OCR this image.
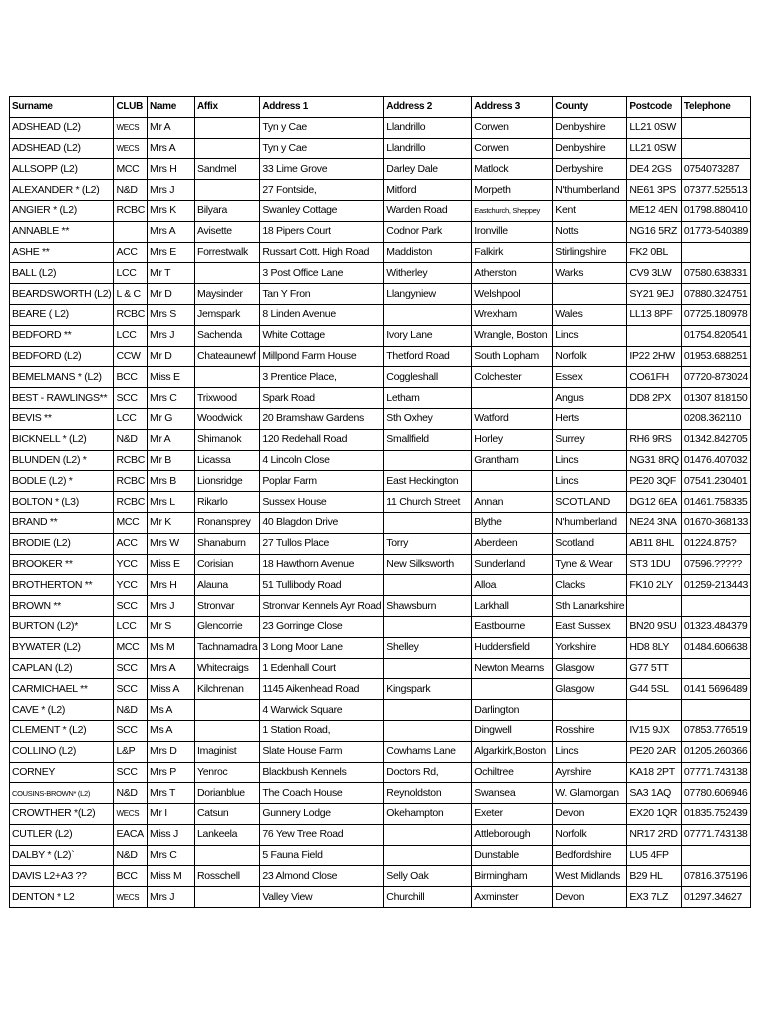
Surname	CLUB	Name	Affix	Address 1	Address 2	Address 3	County	Postcode	Telephone
ADSHEAD (L2)	WECS	Mr A		Tyn y Cae	Llandrillo	Corwen	Denbyshire	LL21 0SW	
ADSHEAD (L2)	WECS	Mrs A		Tyn y Cae	Llandrillo	Corwen	Denbyshire	LL21 0SW	
ALLSOPP (L2)	MCC	Mrs H	Sandmel	33 Lime Grove	Darley Dale	Matlock	Derbyshire	DE4 2GS	0754073287
ALEXANDER * (L2)	N&D	Mrs J		27 Fontside,	Mitford	Morpeth	N'thumberland	NE61 3PS	07377.525513
ANGIER * (L2)	RCBC	Mrs K	Bilyara	Swanley Cottage	Warden Road	Eastchurch, Sheppey	Kent	ME12 4EN	01798.880410
ANNABLE **		Mrs A	Avisette	18 Pipers Court	Codnor Park	Ironville	Notts	NG16 5RZ	01773-540389
ASHE **	ACC	Mrs E	Forrestwalk	Russart Cott. High Road	Maddiston	Falkirk	Stirlingshire	FK2 0BL	
BALL (L2)	LCC	Mr T		3 Post Office Lane	Witherley	Atherston	Warks	CV9 3LW	07580.638331
BEARDSWORTH (L2)	L & C	Mr D	Maysinder	Tan Y Fron	Llangyniew	Welshpool		SY21 9EJ	07880.324751
BEARE ( L2)	RCBC	Mrs S	Jemspark	8 Linden Avenue		Wrexham	Wales	LL13 8PF	07725.180978
BEDFORD **	LCC	Mrs J	Sachenda	White Cottage	Ivory Lane	Wrangle, Boston	Lincs		01754.820541
BEDFORD (L2)	CCW	Mr D	Chateaunewf	Millpond Farm House	Thetford Road	South Lopham	Norfolk	IP22 2HW	01953.688251
BEMELMANS * (L2)	BCC	Miss E		3 Prentice Place,	Coggleshall	Colchester	Essex	CO61FH	07720-873024
BEST - RAWLINGS**	SCC	Mrs C	Trixwood	Spark Road	Letham		Angus	DD8 2PX	01307 818150
BEVIS **	LCC	Mr G	Woodwick	20 Bramshaw Gardens	Sth Oxhey	Watford	Herts		0208.362110
BICKNELL * (L2)	N&D	Mr A	Shimanok	120 Redehall Road	Smallfield	Horley	Surrey	RH6 9RS	01342.842705
BLUNDEN (L2) *	RCBC	Mr B	Licassa	4 Lincoln Close		Grantham	Lincs	NG31 8RQ	01476.407032
BODLE (L2) *	RCBC	Mrs B	Lionsridge	Poplar Farm	East Heckington		Lincs	PE20 3QF	07541.230401
BOLTON * (L3)	RCBC	Mrs L	Rikarlo	Sussex House	11 Church Street	Annan	SCOTLAND	DG12 6EA	01461.758335
BRAND **	MCC	Mr K	Ronansprey	40 Blagdon Drive		Blythe	N'humberland	NE24 3NA	01670-368133
BRODIE (L2)	ACC	Mrs W	Shanaburn	27 Tullos Place	Torry	Aberdeen	Scotland	AB11 8HL	01224.875?
BROOKER **	YCC	Miss E	Corisian	18 Hawthorn Avenue	New Silksworth	Sunderland	Tyne & Wear	ST3 1DU	07596.?????
BROTHERTON **	YCC	Mrs H	Alauna	51 Tullibody Road		Alloa	Clacks	FK10 2LY	01259-213443
BROWN **	SCC	Mrs J	Stronvar	Stronvar Kennels Ayr Road	Shawsburn	Larkhall	Sth Lanarkshire		
BURTON (L2)*	LCC	Mr S	Glencorrie	23 Gorringe Close		Eastbourne	East Sussex	BN20 9SU	01323.484379
BYWATER (L2)	MCC	Ms M	Tachnamadra	3 Long Moor Lane	Shelley	Huddersfield	Yorkshire	HD8 8LY	01484.606638
CAPLAN (L2)	SCC	Mrs A	Whitecraigs	1 Edenhall Court		Newton Mearns	Glasgow	G77 5TT	
CARMICHAEL **	SCC	Miss A	Kilchrenan	1145 Aikenhead Road	Kingspark		Glasgow	G44 5SL	0141 5696489
CAVE * (L2)	N&D	Ms A		4 Warwick Square		Darlington			
CLEMENT * (L2)	SCC	Ms A		1 Station Road,		Dingwell	Rosshire	IV15 9JX	07853.776519
COLLINO (L2)	L&P	Mrs D	Imaginist	Slate House Farm	Cowhams Lane	Algarkirk,Boston	Lincs	PE20 2AR	01205.260366
CORNEY	SCC	Mrs P	Yenroc	Blackbush Kennels	Doctors Rd,	Ochiltree	Ayrshire	KA18 2PT	07771.743138
COUSINS-BROWN* (L2)	N&D	Mrs T	Dorianblue	The Coach House	Reynoldston	Swansea	W. Glamorgan	SA3 1AQ	07780.606946
CROWTHER *(L2)	WECS	Mr I	Catsun	Gunnery Lodge	Okehampton	Exeter	Devon	EX20 1QR	01835.752439
CUTLER (L2)	EACA	Miss J	Lankeela	76 Yew Tree Road		Attleborough	Norfolk	NR17 2RD	07771.743138
DALBY * (L2)`	N&D	Mrs C		5 Fauna Field		Dunstable	Bedfordshire	LU5 4FP	
DAVIS L2+A3 ??	BCC	Miss M	Rosschell	23 Almond Close	Selly Oak	Birmingham	West Midlands	B29 HL	07816.375196
DENTON * L2	WECS	Mrs J		Valley View	Churchill	Axminster	Devon	EX3 7LZ	01297.34627
